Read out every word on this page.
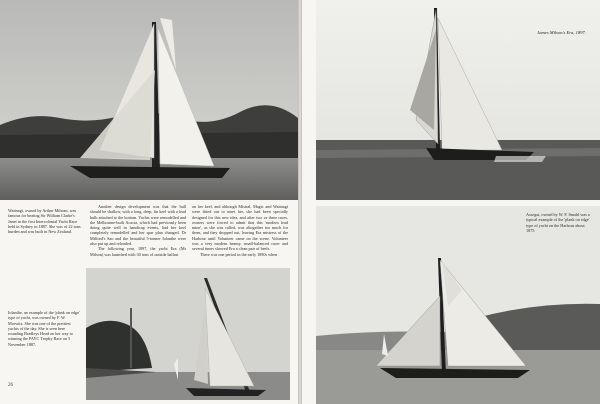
Waitangi, owned by Arthur Milsom, was famous for beating Sir William Clarke's Janet in the first Intercolonial Yacht Race held in Sydney in 1887. She was of 22 tons burden and was built in New Zealand.

Another design development was that the hull should be shallow, with a long, deep, fin keel with a lead bulb attached to the bottom. Yachts were remodelled and the Melbourne-built Acacia, which had previously been doing quite well in handicap events, had her keel completely remodelled and her spar plan changed. Dr Milford's Sao and the beautiful 5-tonner Iolanthe were also put up and reloaded.

The following year, 1897, the yacht Era (Mr Milson) was launched with 30 tons of outside ballast

on her keel, and although Mistral, Magic and Waitangi were fitted out to meet her, she had been specially designed for this new idea, and after two or three races, owners were forced to admit that this 'modern lead mine', as she was called, was altogether too much for them, and they dropped out, leaving Era mistress of the Harbour until Volunteer came on the scene. Volunteer was a very modern beamy, small-balanced racer and several times showed Era a clean pair of heels.

There was one period in the early 1890s when

Iolanthe, an example of the 'plank on edge' type of yacht, was owned by F. W. Morwitz. She was one of the prettiest yachts of the day. She is seen here rounding Bradleys Head on her way to winning the PAYC Trophy Race on 5 November 1887.
26
James Milson's Era, 1897.
Assegai, owned by W. F. Smahl was a typical example of the 'plank on edge' type of yacht on the Harbour about 1875.
